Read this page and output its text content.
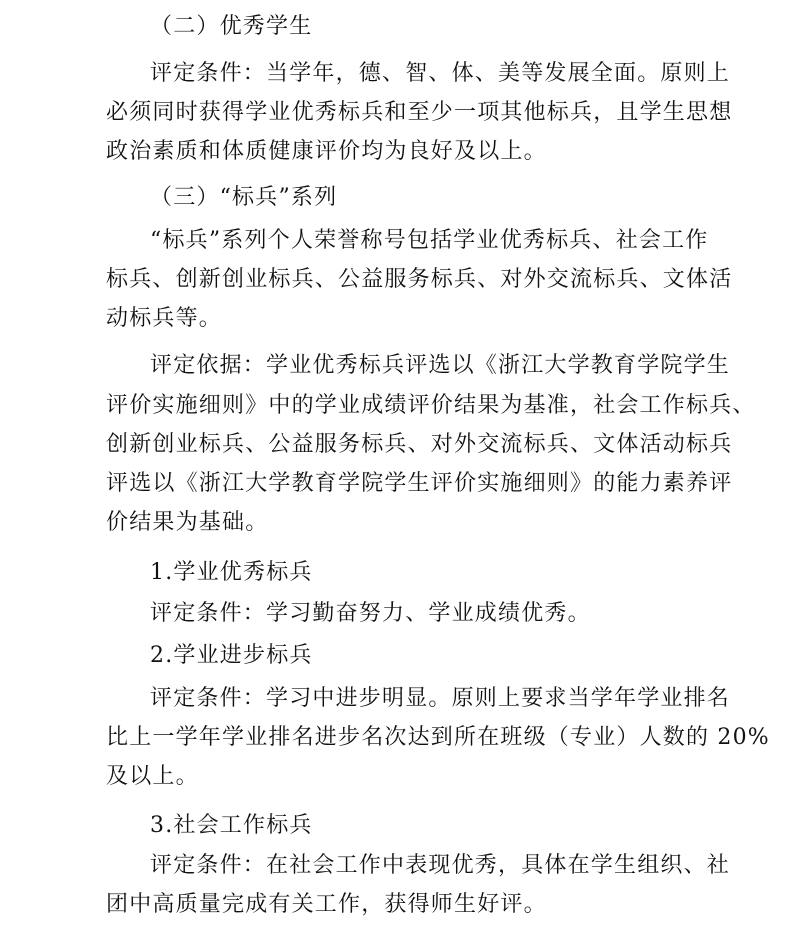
（二）优秀学生
评定条件：当学年，德、智、体、美等发展全面。原则上
必须同时获得学业优秀标兵和至少一项其他标兵，且学生思想
政治素质和体质健康评价均为良好及以上。
（三）“标兵”系列
“标兵”系列个人荣誉称号包括学业优秀标兵、社会工作
标兵、创新创业标兵、公益服务标兵、对外交流标兵、文体活
动标兵等。
评定依据：学业优秀标兵评选以《浙江大学教育学院学生
评价实施细则》中的学业成绩评价结果为基准，社会工作标兵、
创新创业标兵、公益服务标兵、对外交流标兵、文体活动标兵
评选以《浙江大学教育学院学生评价实施细则》的能力素养评
价结果为基础。
1.学业优秀标兵
评定条件：学习勤奋努力、学业成绩优秀。
2.学业进步标兵
评定条件：学习中进步明显。原则上要求当学年学业排名
比上一学年学业排名进步名次达到所在班级（专业）人数的 20%
及以上。
3.社会工作标兵
评定条件：在社会工作中表现优秀，具体在学生组织、社
团中高质量完成有关工作，获得师生好评。
